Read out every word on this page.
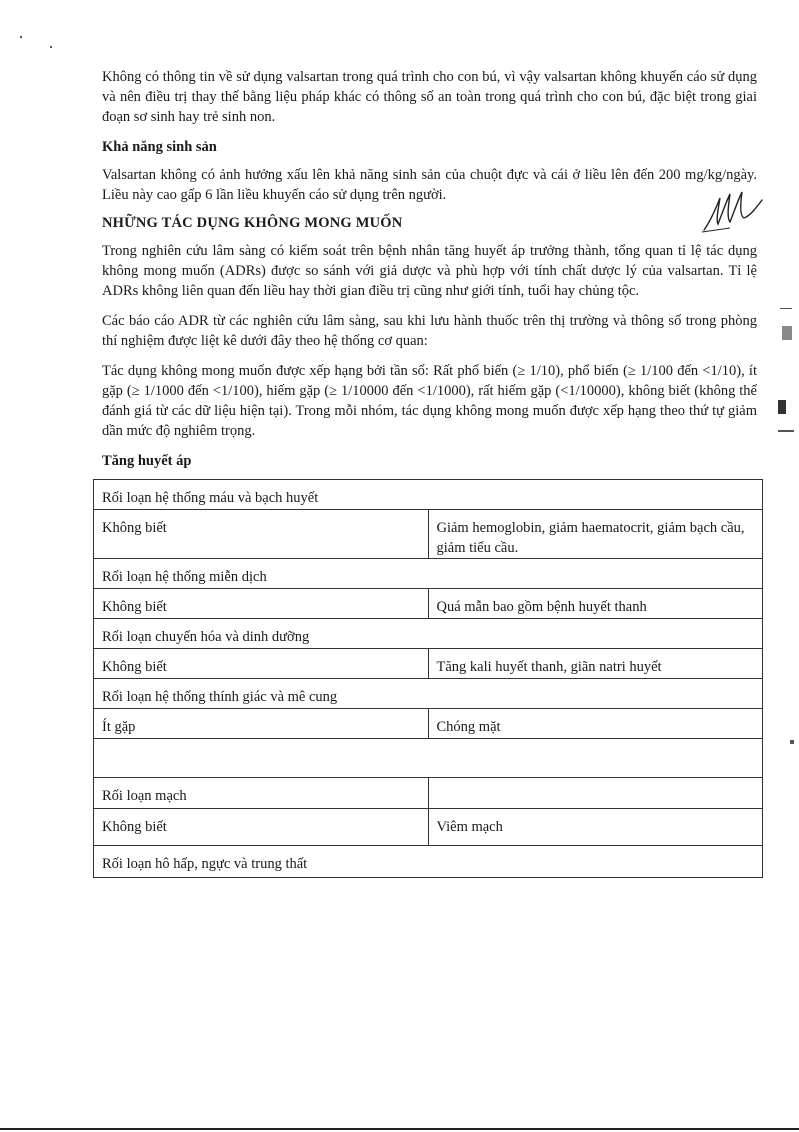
Không có thông tin về sử dụng valsartan trong quá trình cho con bú, vì vậy valsartan không khuyến cáo sử dụng và nên điều trị thay thế bằng liệu pháp khác có thông số an toàn trong quá trình cho con bú, đặc biệt trong giai đoạn sơ sinh hay trẻ sinh non.

Khả năng sinh sản

Valsartan không có ảnh hưởng xấu lên khả năng sinh sản của chuột đực và cái ở liều lên đến 200 mg/kg/ngày. Liều này cao gấp 6 lần liều khuyến cáo sử dụng trên người.

NHỮNG TÁC DỤNG KHÔNG MONG MUỐN

Trong nghiên cứu lâm sàng có kiểm soát trên bệnh nhân tăng huyết áp trưởng thành, tổng quan tỉ lệ tác dụng không mong muốn (ADRs) được so sánh với giả dược và phù hợp với tính chất dược lý của valsartan. Tỉ lệ ADRs không liên quan đến liều hay thời gian điều trị cũng như giới tính, tuổi hay chủng tộc.

Các báo cáo ADR từ các nghiên cứu lâm sàng, sau khi lưu hành thuốc trên thị trường và thông số trong phòng thí nghiệm được liệt kê dưới đây theo hệ thống cơ quan:

Tác dụng không mong muốn được xếp hạng bởi tần số: Rất phổ biến (≥ 1/10), phổ biến (≥ 1/100 đến <1/10), ít gặp (≥ 1/1000 đến <1/100), hiếm gặp (≥ 1/10000 đến <1/1000), rất hiếm gặp (<1/10000), không biết (không thể đánh giá từ các dữ liệu hiện tại). Trong mỗi nhóm, tác dụng không mong muốn được xếp hạng theo thứ tự giảm dần mức độ nghiêm trọng.

Tăng huyết áp
Rối loạn hệ thống máu và bạch huyết	
Không biết	Giảm hemoglobin, giảm haematocrit, giảm bạch cầu, giảm tiểu cầu.
Rối loạn hệ thống miễn dịch	
Không biết	Quá mẫn bao gồm bệnh huyết thanh
Rối loạn chuyển hóa và dinh dưỡng	
Không biết	Tăng kali huyết thanh, giãn natri huyết
Rối loạn hệ thống thính giác và mê cung	
Ít gặp	Chóng mặt

Rối loạn mạch	
Không biết	Viêm mạch
Rối loạn hô hấp, ngực và trung thất	
